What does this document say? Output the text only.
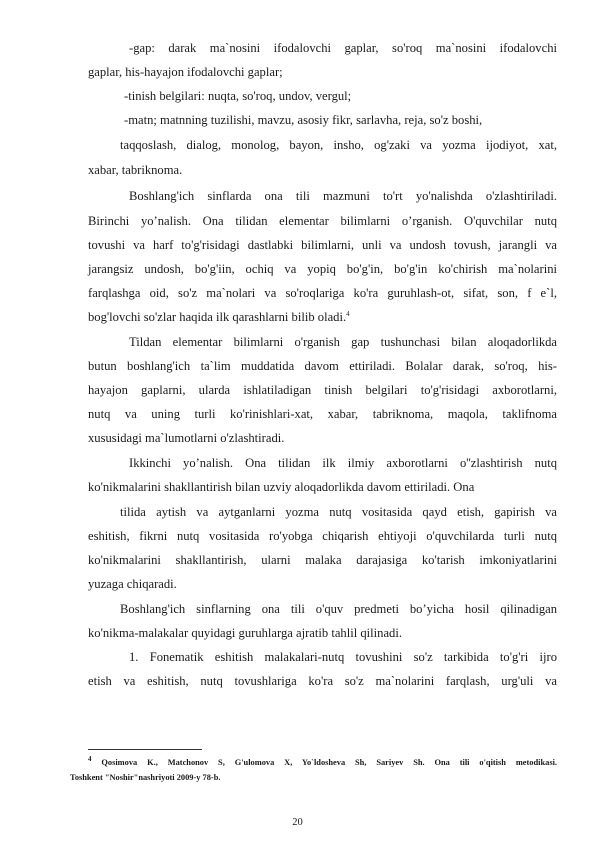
-gap: darak ma`nosini ifodalovchi gaplar, so'roq ma`nosini ifodalovchi
gaplar, his-hayajon ifodalovchi gaplar;
-tinish belgilari: nuqta, so'roq, undov, vergul;
-matn; matnning tuzilishi, mavzu, asosiy fikr, sarlavha, reja, so'z boshi,
taqqoslash, dialog, monolog, bayon, insho, og'zaki va yozma ijodiyot, xat,
xabar, tabriknoma.
Boshlang'ich sinflarda ona tili mazmuni to'rt yo'nalishda o'zlashtiriladi.
Birinchi yo’nalish. Ona tilidan elementar bilimlarni o’rganish. O'quvchilar nutq
tovushi va harf to'g'risidagi dastlabki bilimlarni, unli va undosh tovush, jarangli va
jarangsiz undosh, bo'g'iin, ochiq va yopiq bo'g'in, bo'g'in ko'chirish ma`nolarini
farqlashga oid, so'z ma`nolari va so'roqlariga ko'ra guruhlash-ot, sifat, son, f e`l,
bog'lovchi so'zlar haqida ilk qarashlarni bilib oladi.$^4$
Tildan elementar bilimlarni o'rganish gap tushunchasi bilan aloqadorlikda
butun boshlang'ich ta`lim muddatida davom ettiriladi. Bolalar darak, so'roq, his-
hayajon gaplarni, ularda ishlatiladigan tinish belgilari to'g'risidagi axborotlarni,
nutq va uning turli ko'rinishlari-xat, xabar, tabriknoma, maqola, taklifnoma
xususidagi ma`lumotlarni o'zlashtiradi.
Ikkinchi yo’nalish. Ona tilidan ilk ilmiy axborotlarni o''zlashtirish nutq
ko'nikmalarini shakllantirish bilan uzviy aloqadorlikda davom ettiriladi. Ona
tilida aytish va aytganlarni yozma nutq vositasida qayd etish, gapirish va
eshitish, fikrni nutq vositasida ro'yobga chiqarish ehtiyoji o'quvchilarda turli nutq
ko'nikmalarini shakllantirish, ularni malaka darajasiga ko'tarish imkoniyatlarini
yuzaga chiqaradi.
Boshlang'ich sinflarning ona tili o'quv predmeti bo’yicha hosil qilinadigan
ko'nikma-malakalar quyidagi guruhlarga ajratib tahlil qilinadi.
1. Fonematik eshitish malakalari-nutq tovushini so'z tarkibida to'g'ri ijro
etish va eshitish, nutq tovushlariga ko'ra so'z ma`nolarini farqlash, urg'uli va
$^4$ Qosimova K., Matchonov S, G'ulomova X, Yo`ldosheva Sh, Sariyev Sh. Ona tili o'qitish metodikasi.
Toshkent "Noshir"nashriyoti 2009-y 78-b.
20
